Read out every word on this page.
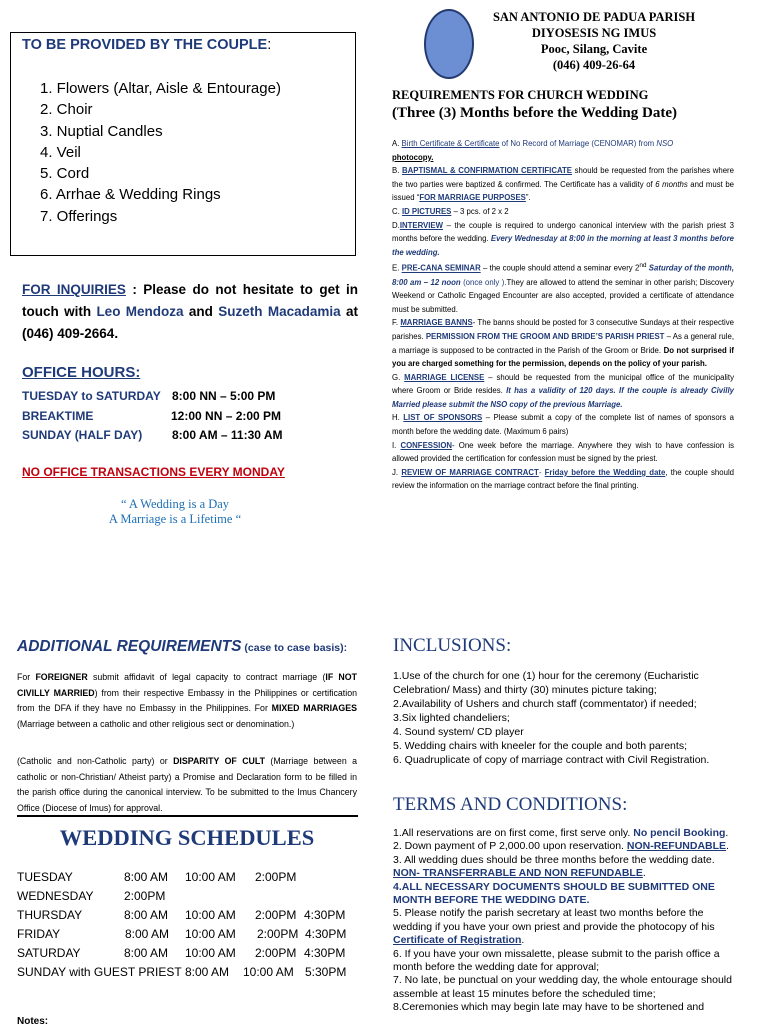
TO BE PROVIDED BY THE COUPLE:
1. Flowers (Altar, Aisle & Entourage)
2. Choir
3. Nuptial Candles
4. Veil
5. Cord
6. Arrhae & Wedding Rings
7. Offerings
FOR INQUIRIES : Please do not hesitate to get in touch with Leo Mendoza and Suzeth Macadamia at (046) 409-2664.
OFFICE HOURS:
TUESDAY to SATURDAY 8:00 NN – 5:00 PM
BREAKTIME	12:00 NN – 2:00 PM
SUNDAY (HALF DAY) 8:00 AM – 11:30 AM
NO OFFICE TRANSACTIONS EVERY MONDAY
“ A Wedding is a Day
A Marriage is a Lifetime “
SAN ANTONIO DE PADUA PARISH
DIYOSESIS NG IMUS
Pooc, Silang, Cavite
(046) 409-26-64
REQUIREMENTS FOR CHURCH WEDDING
(Three (3) Months before the Wedding Date)

A. Birth Certificate & Certificate of No Record of Marriage (CENOMAR) from NSO
photocopy.

B. BAPTISMAL & CONFIRMATION CERTIFICATE should be requested from the parishes where the two parties were baptized & confirmed. The Certificate has a validity of 6 months and must be issued “FOR MARRIAGE PURPOSES”.

C. ID PICTURES – 3 pcs. of 2 x 2

D.INTERVIEW – the couple is required to undergo canonical interview with the parish priest 3 months before the wedding. Every Wednesday at 8:00 in the morning at least 3 months before the wedding.

E. PRE-CANA SEMINAR – the couple should attend a seminar every 2nd Saturday of the month, 8:00 am – 12 noon (once only ).They are allowed to attend the seminar in other parish; Discovery Weekend or Catholic Engaged Encounter are also accepted, provided a certificate of attendance must be submitted.

F. MARRIAGE BANNS- The banns should be posted for 3 consecutive Sundays at their respective parishes. PERMISSION FROM THE GROOM AND BRIDE’S PARISH PRIEST – As a general rule, a marriage is supposed to be contracted in the Parish of the Groom or Bride. Do not surprised if you are charged something for the permission, depends on the policy of your parish.

G. MARRIAGE LICENSE – should be requested from the municipal office of the municipality where Groom or Bride resides. It has a validity of 120 days. If the couple is already Civilly Married please submit the NSO copy of the previous Marriage.

H. LIST OF SPONSORS – Please submit a copy of the complete list of names of sponsors a month before the wedding date. (Maximum 6 pairs)

I. CONFESSION- One week before the marriage. Anywhere they wish to have confession is allowed provided the certification for confession must be signed by the priest.

J. REVIEW OF MARRIAGE CONTRACT- Friday before the Wedding date, the couple should review the information on the marriage contract before the final printing.

ADDITIONAL REQUIREMENTS (case to case basis):
For FOREIGNER submit affidavit of legal capacity to contract marriage (IF NOT CIVILLY MARRIED) from their respective Embassy in the Philippines or certification from the DFA if they have no Embassy in the Philippines. For MIXED MARRIAGES (Marriage between a catholic and other religious sect or denomination.)
(Catholic and non-Catholic party) or DISPARITY OF CULT (Marriage between a catholic or non-Christian/ Atheist party) a Promise and Declaration form to be filled in the parish office during the canonical interview. To be submitted to the Imus Chancery Office (Diocese of Imus) for approval.
WEDDING SCHEDULES
TUESDAY	8:00 AM 10:00 AM 2:00PM
WEDNESDAY	2:00PM
THURSDAY	8:00 AM 10:00 AM 2:00PM 4:30PM
FRIDAY	8:00 AM 10:00 AM 2:00PM 4:30PM
SATURDAY	8:00 AM 10:00 AM 2:00PM 4:30PM
SUNDAY with GUEST PRIEST 8:00 AM 10:00 AM 5:30PM
INCLUSIONS:
1.Use of the church for one (1) hour for the ceremony (Eucharistic Celebration/ Mass) and thirty (30) minutes picture taking;
2.Availability of Ushers and church staff (commentator) if needed;
3.Six lighted chandeliers;
4. Sound system/ CD player
5. Wedding chairs with kneeler for the couple and both parents;
6. Quadruplicate of copy of marriage contract with Civil Registration.
TERMS AND CONDITIONS:
1.All reservations are on first come, first serve only. No pencil Booking.
2. Down payment of P 2,000.00 upon reservation. NON-REFUNDABLE.
3. All wedding dues should be three months before the wedding date.
NON- TRANSFERRABLE AND NON REFUNDABLE.
4.ALL NECESSARY DOCUMENTS SHOULD BE SUBMITTED ONE MONTH BEFORE THE WEDDING DATE.
5. Please notify the parish secretary at least two months before the wedding if you have your own priest and provide the photocopy of his Certificate of Registration.
6. If you have your own missalette, please submit to the parish office a month before the wedding date for approval;
7. No late, be punctual on your wedding day, the whole entourage should assemble at least 15 minutes before the scheduled time;
8.Ceremonies which may begin late may have to be shortened and
Notes:
